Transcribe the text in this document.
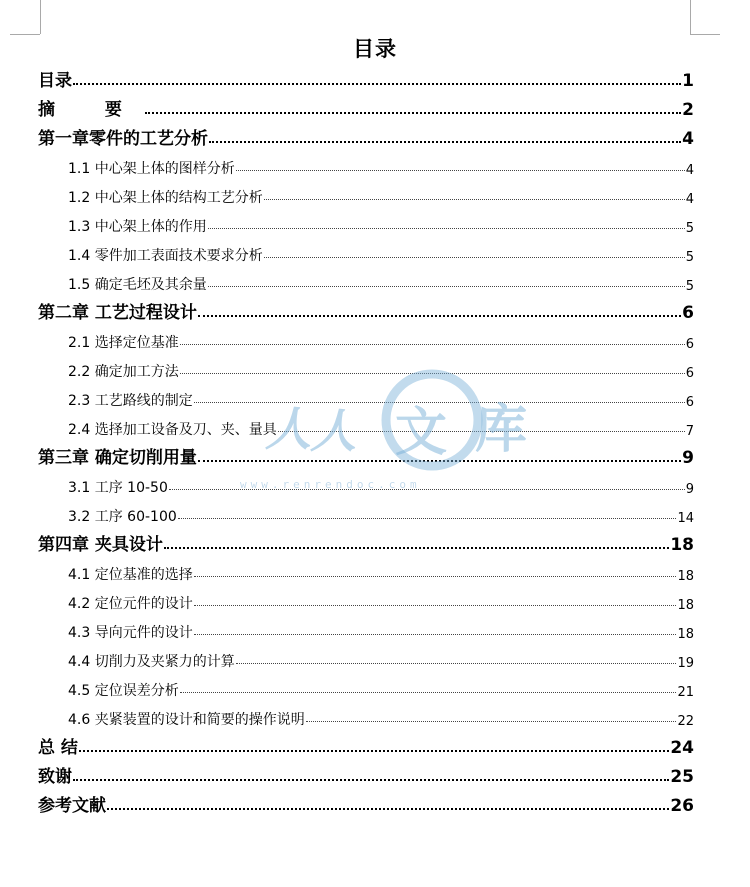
目录
目录	1
摘 要	2
第一章零件的工艺分析	4
1.1 中心架上体的图样分析	4
1.2 中心架上体的结构工艺分析	4
1.3 中心架上体的作用	5
1.4 零件加工表面技术要求分析	5
1.5 确定毛坯及其余量	5
第二章 工艺过程设计	6
2.1 选择定位基准	6
2.2 确定加工方法	6
2.3 工艺路线的制定	6
2.4 选择加工设备及刀、夹、量具	7
第三章 确定切削用量	9
3.1 工序 10-50	9
3.2 工序 60-100	14
第四章 夹具设计	18
4.1 定位基准的选择	18
4.2 定位元件的设计	18
4.3 导向元件的设计	18
4.4 切削力及夹紧力的计算	19
4.5 定位误差分析	21
4.6 夹紧装置的设计和简要的操作说明	22
总 结	24
致谢	25
参考文献	26
人 人 文 库
www.renrendoc.com
